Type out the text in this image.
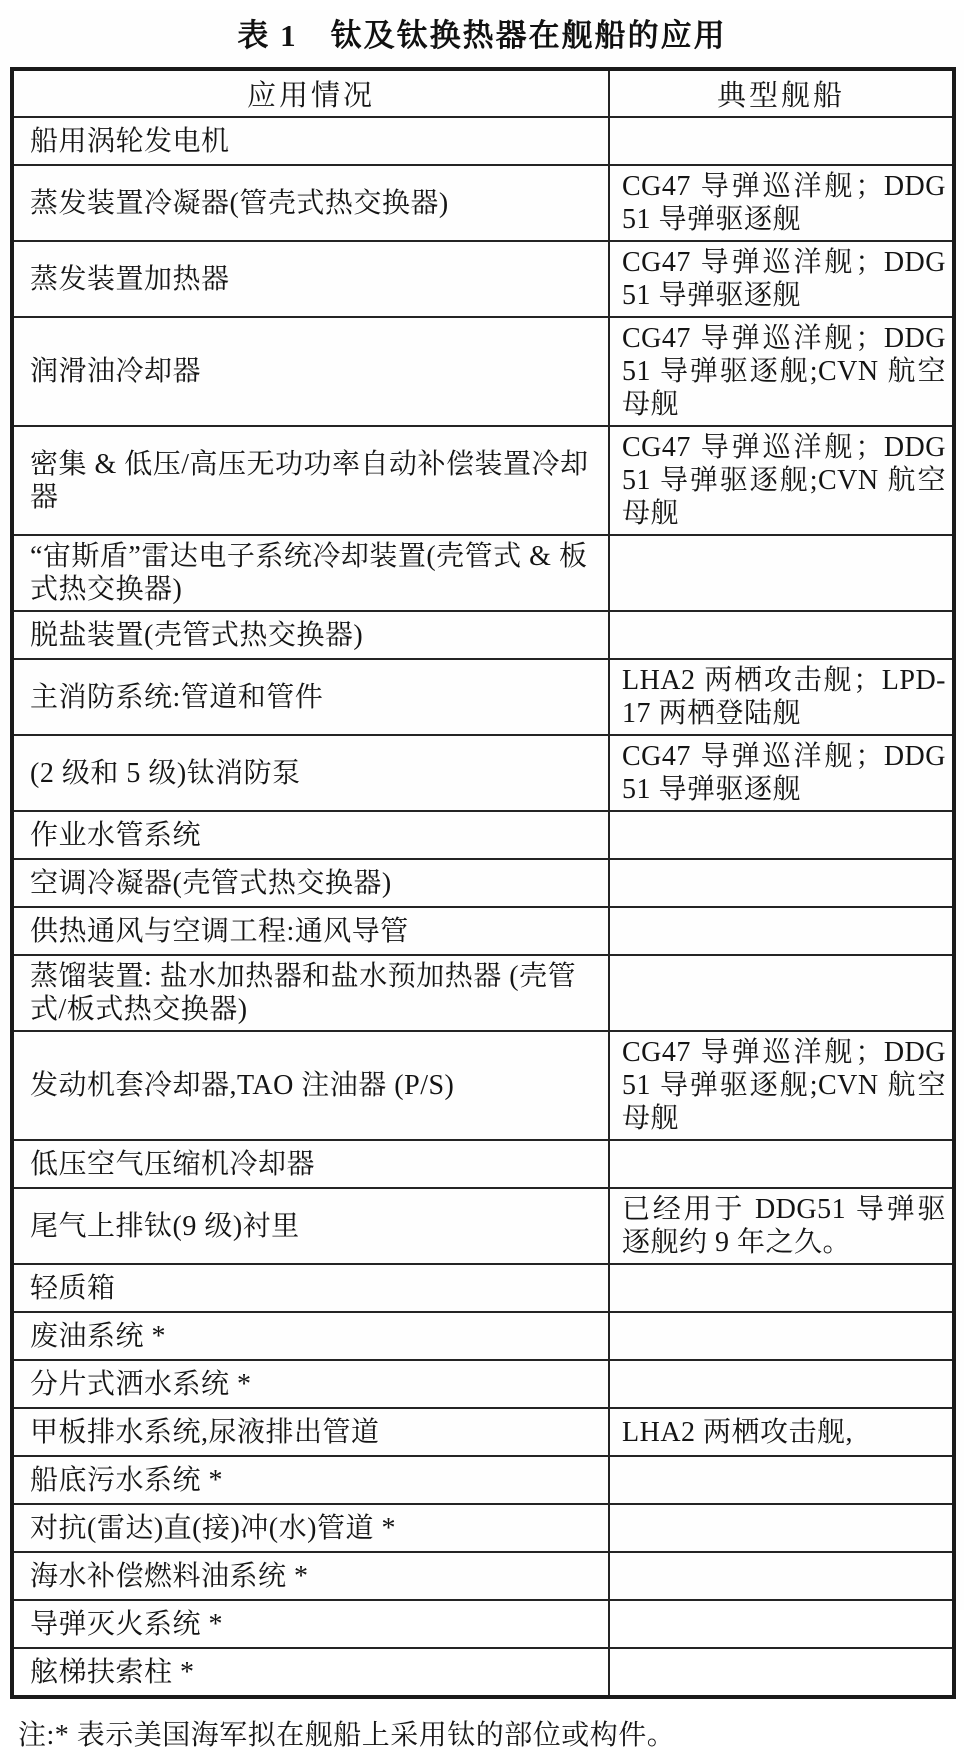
表 1　钛及钛换热器在舰船的应用
应用情况	典型舰船
船用涡轮发电机	
蒸发装置冷凝器(管壳式热交换器)	CG47 导弹巡洋舰；DDG51 导弹驱逐舰
蒸发装置加热器	CG47 导弹巡洋舰；DDG51 导弹驱逐舰
润滑油冷却器	CG47 导弹巡洋舰；DDG51 导弹驱逐舰;CVN 航空母舰
密集 & 低压/高压无功功率自动补偿装置冷却器	CG47 导弹巡洋舰；DDG51 导弹驱逐舰;CVN 航空母舰
“宙斯盾”雷达电子系统冷却装置(壳管式 & 板式热交换器)	
脱盐装置(壳管式热交换器)	
主消防系统:管道和管件	LHA2 两栖攻击舰；LPD-17 两栖登陆舰
(2 级和 5 级)钛消防泵	CG47 导弹巡洋舰；DDG51 导弹驱逐舰
作业水管系统	
空调冷凝器(壳管式热交换器)	
供热通风与空调工程:通风导管	
蒸馏装置: 盐水加热器和盐水预加热器 (壳管式/板式热交换器)	
发动机套冷却器,TAO 注油器 (P/S)	CG47 导弹巡洋舰；DDG51 导弹驱逐舰;CVN 航空母舰
低压空气压缩机冷却器	
尾气上排钛(9 级)衬里	已经用于 DDG51 导弹驱逐舰约 9 年之久。
轻质箱	
废油系统 *	
分片式洒水系统 *	
甲板排水系统,尿液排出管道	LHA2 两栖攻击舰,
船底污水系统 *	
对抗(雷达)直(接)冲(水)管道 *	
海水补偿燃料油系统 *	
导弹灭火系统 *	
舷梯扶索柱 *	

注:* 表示美国海军拟在舰船上采用钛的部位或构件。
